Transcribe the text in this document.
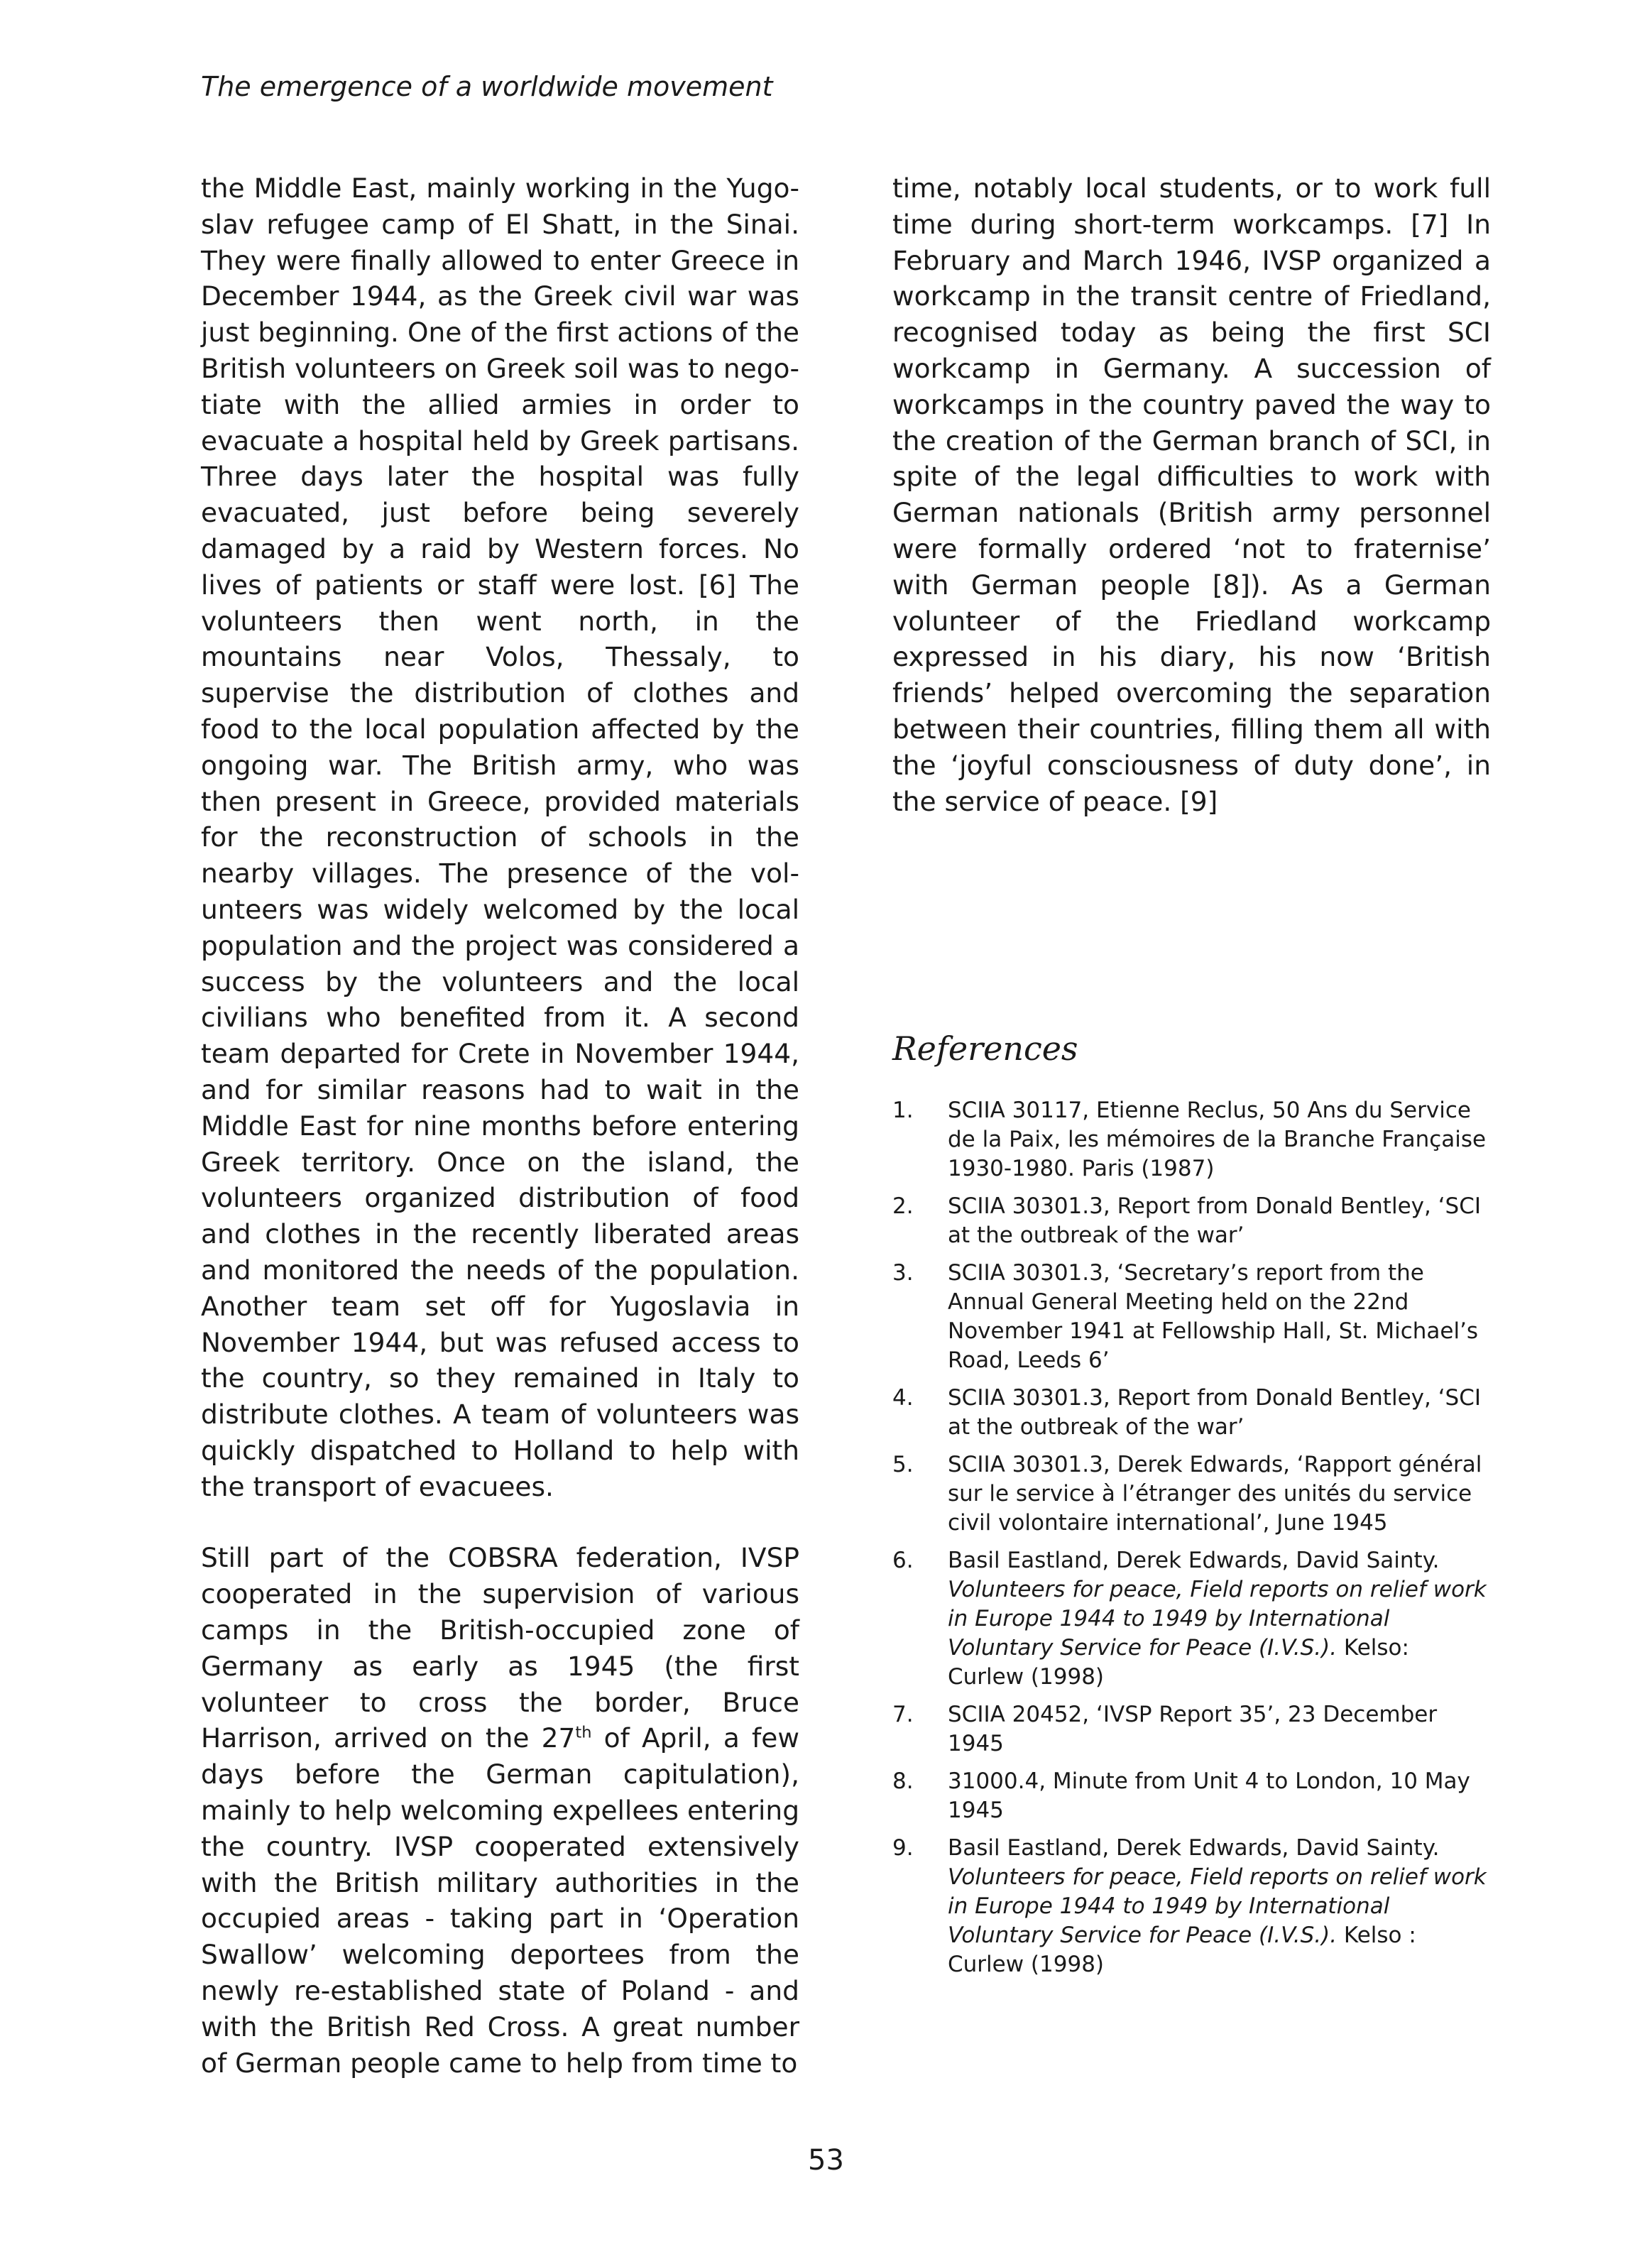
The emergence of a worldwide movement

the Middle East, mainly working in the Yugoslav refugee camp of El Shatt, in the Sinai. They were finally allowed to enter Greece in December 1944, as the Greek civil war was just beginning. One of the first actions of the British volunteers on Greek soil was to negotiate with the allied armies in order to evacuate a hospital held by Greek partisans. Three days later the hospital was fully evacuated, just before being severely damaged by a raid by Western forces. No lives of patients or staff were lost. [6] The volunteers then went north, in the mountains near Volos, Thessaly, to supervise the distribution of clothes and food to the local population affected by the ongoing war. The British army, who was then present in Greece, provided materials for the reconstruction of schools in the nearby villages. The presence of the volunteers was widely welcomed by the local population and the project was considered a success by the volunteers and the local civilians who benefited from it. A second team departed for Crete in November 1944, and for similar reasons had to wait in the Middle East for nine months before entering Greek territory. Once on the island, the volunteers organized distribution of food and clothes in the recently liberated areas and monitored the needs of the population. Another team set off for Yugoslavia in November 1944, but was refused access to the country, so they remained in Italy to distribute clothes. A team of volunteers was quickly dispatched to Holland to help with the transport of evacuees.

Still part of the COBSRA federation, IVSP cooperated in the supervision of various camps in the British-occupied zone of Germany as early as 1945 (the first volunteer to cross the border, Bruce Harrison, arrived on the 27th of April, a few days before the German capitulation), mainly to help welcoming expellees entering the country. IVSP cooperated extensively with the British military authorities in the occupied areas - taking part in ‘Operation Swallow’ welcoming deportees from the newly re-established state of Poland - and with the British Red Cross. A great number of German people came to help from time to

time, notably local students, or to work full time during short-term workcamps. [7] In February and March 1946, IVSP organized a workcamp in the transit centre of Friedland, recognised today as being the first SCI workcamp in Germany. A succession of workcamps in the country paved the way to the creation of the German branch of SCI, in spite of the legal difficulties to work with German nationals (British army personnel were formally ordered ‘not to fraternise’ with German people [8]). As a German volunteer of the Friedland workcamp expressed in his diary, his now ‘British friends’ helped overcoming the separation between their countries, filling them all with the ‘joyful consciousness of duty done’, in the service of peace. [9]

References
1. SCIIA 30117, Etienne Reclus, 50 Ans du Service de la Paix, les mémoires de la Branche Française 1930-1980. Paris (1987)
2. SCIIA 30301.3, Report from Donald Bentley, ‘SCI at the outbreak of the war’
3. SCIIA 30301.3, ‘Secretary’s report from the Annual General Meeting held on the 22nd November 1941 at Fellowship Hall, St. Michael’s Road, Leeds 6’
4. SCIIA 30301.3, Report from Donald Bentley, ‘SCI at the outbreak of the war’
5. SCIIA 30301.3, Derek Edwards, ‘Rapport général sur le service à l’étranger des unités du service civil volontaire international’, June 1945
6. Basil Eastland, Derek Edwards, David Sainty.
Volunteers for peace, Field reports on relief work in Europe 1944 to 1949 by International Voluntary Service for Peace (I.V.S.). Kelso: Curlew (1998)
7. SCIIA 20452, ‘IVSP Report 35’, 23 December 1945
8. 31000.4, Minute from Unit 4 to London, 10 May 1945
9. Basil Eastland, Derek Edwards, David Sainty.
Volunteers for peace, Field reports on relief work in Europe 1944 to 1949 by International Voluntary Service for Peace (I.V.S.). Kelso : Curlew (1998)
53
